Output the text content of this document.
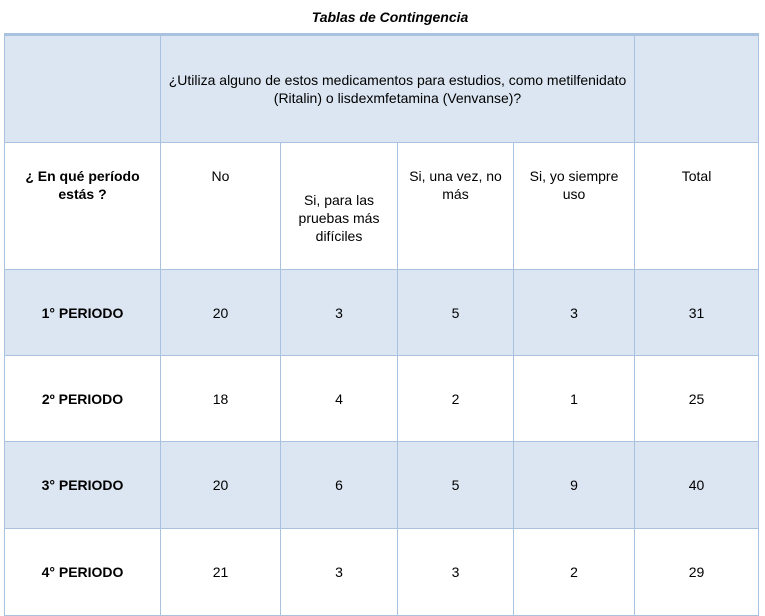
Tablas de Contingencia
	¿Utiliza alguno de estos medicamentos para estudios, como metilfenidato (Ritalin) o lisdexmfetamina (Venvanse)?				
¿ En qué período estás ?	No	Si, para las pruebas más difíciles	Si, una vez, no más	Si, yo siempre uso	Total
1° PERIODO	20	3	5	3	31
2º PERIODO	18	4	2	1	25
3° PERIODO	20	6	5	9	40
4° PERIODO	21	3	3	2	29
